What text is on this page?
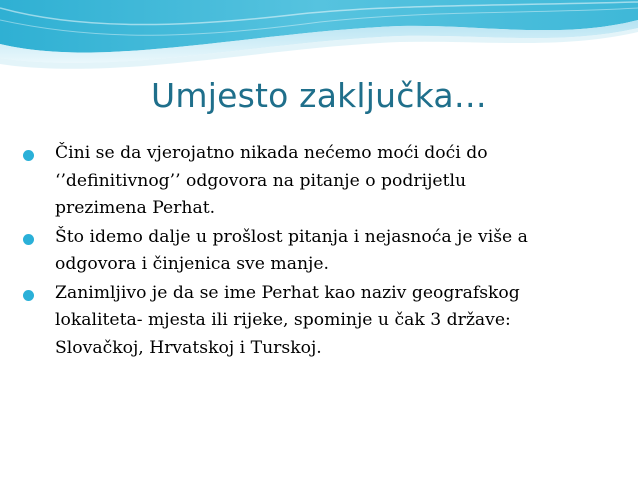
Umjesto zaključka…
Čini se da vjerojatno nikada nećemo moći doći do
‘’definitivnog’’ odgovora na pitanje o podrijetlu
prezimena Perhat.
Što idemo dalje u prošlost pitanja i nejasnoća je više a
odgovora i činjenica sve manje.
Zanimljivo je da se ime Perhat kao naziv geografskog
lokaliteta- mjesta ili rijeke, spominje u čak 3 države:
Slovačkoj, Hrvatskoj i Turskoj.
